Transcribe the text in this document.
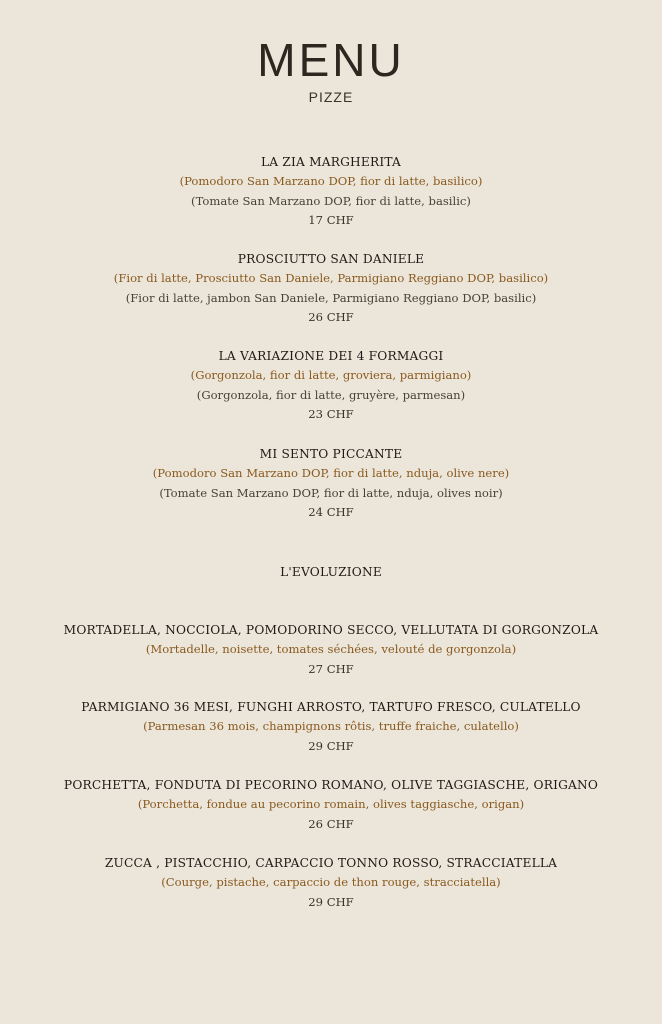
MENU
PIZZE
LA ZIA MARGHERITA
(Pomodoro San Marzano DOP, fior di latte, basilico)
(Tomate San Marzano DOP, fior di latte, basilic)
17 CHF
PROSCIUTTO SAN DANIELE
(Fior di latte, Prosciutto San Daniele, Parmigiano Reggiano DOP, basilico)
(Fior di latte, jambon San Daniele, Parmigiano Reggiano DOP, basilic)
26 CHF
LA VARIAZIONE DEI 4 FORMAGGI
(Gorgonzola, fior di latte, groviera, parmigiano)
(Gorgonzola, fior di latte, gruyère, parmesan)
23 CHF
MI SENTO PICCANTE
(Pomodoro San Marzano DOP, fior di latte, nduja, olive nere)
(Tomate San Marzano DOP, fior di latte, nduja, olives noir)
24 CHF
L'EVOLUZIONE
MORTADELLA, NOCCIOLA, POMODORINO SECCO, VELLUTATA DI GORGONZOLA
(Mortadelle, noisette, tomates séchées, velouté de gorgonzola)
27 CHF
PARMIGIANO 36 MESI, FUNGHI ARROSTO, TARTUFO FRESCO, CULATELLO
(Parmesan 36 mois, champignons rôtis, truffe fraiche, culatello)
29 CHF
PORCHETTA, FONDUTA DI PECORINO ROMANO, OLIVE TAGGIASCHE, ORIGANO
(Porchetta, fondue au pecorino romain, olives taggiasche, origan)
26 CHF
ZUCCA , PISTACCHIO, CARPACCIO TONNO ROSSO, STRACCIATELLA
(Courge, pistache, carpaccio de thon rouge, stracciatella)
29 CHF
